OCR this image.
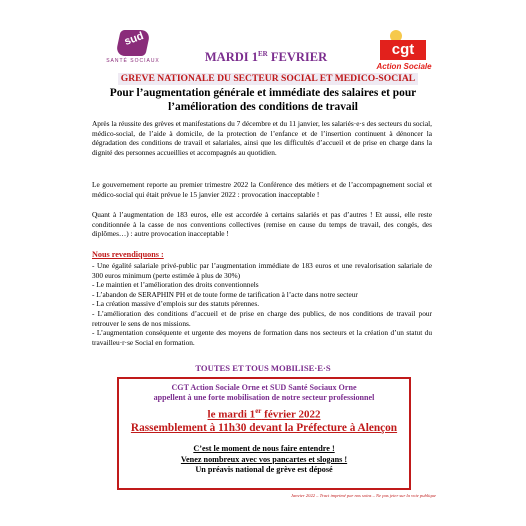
sud
SANTÉ SOCIAUX
cgt
Action Sociale
MARDI 1ER FEVRIER
GREVE NATIONALE DU SECTEUR SOCIAL ET MEDICO-SOCIAL
Pour l’augmentation générale et immédiate des salaires et pour l’amélioration des conditions de travail

Après la réussite des grèves et manifestations du 7 décembre et du 11 janvier, les salariés·e·s des secteurs du social, médico-social, de l’aide à domicile, de la protection de l’enfance et de l’insertion continuent à dénoncer la dégradation des conditions de travail et salariales, ainsi que les difficultés d’accueil et de prise en charge dans la dignité des personnes accueillies et accompagnés au quotidien.

Le gouvernement reporte au premier trimestre 2022 la Conférence des métiers et de l’accompagnement social et médico-social qui était prévue le 15 janvier 2022 : provocation inacceptable !

Quant à l’augmentation de 183 euros, elle est accordée à certains salariés et pas d’autres ! Et aussi, elle reste conditionnée à la casse de nos conventions collectives (remise en cause du temps de travail, des congés, des diplômes…) : autre provocation inacceptable !

Nous revendiquons :
- Une égalité salariale privé-public par l’augmentation immédiate de 183 euros et une revalorisation salariale de 300 euros minimum (perte estimée à plus de 30%)
- Le maintien et l’amélioration des droits conventionnels
- L’abandon de SERAPHIN PH et de toute forme de tarification à l’acte dans notre secteur
- La création massive d’emplois sur des statuts pérennes.
- L’amélioration des conditions d’accueil et de prise en charge des publics, de nos conditions de travail pour retrouver le sens de nos missions.
- L’augmentation conséquente et urgente des moyens de formation dans nos secteurs et la création d’un statut du travailleu·r·se Social en formation.
TOUTES ET TOUS MOBILISE·E·S
CGT Action Sociale Orne et SUD Santé Sociaux Orne
appellent à une forte mobilisation de notre secteur professionnel
le mardi 1er février 2022
Rassemblement à 11h30 devant la Préfecture à Alençon
C’est le moment de nous faire entendre !
Venez nombreux avec vos pancartes et slogans !
Un préavis national de grève est déposé
Janvier 2022 – Tract imprimé par nos soins – Ne pas jeter sur la voie publique
